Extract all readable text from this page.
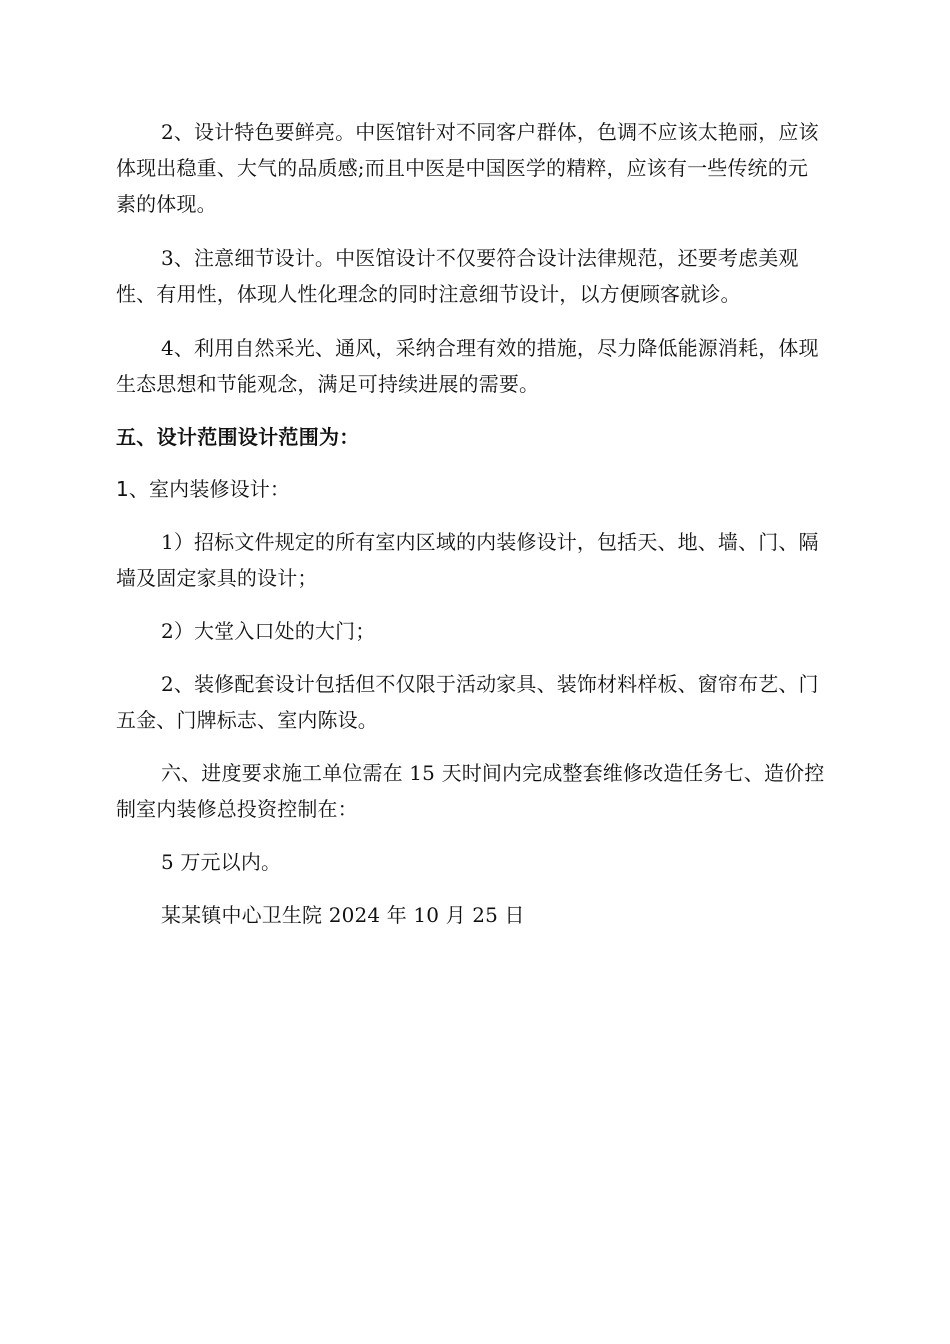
2、设计特色要鲜亮。中医馆针对不同客户群体，色调不应该太艳丽，应该体现出稳重、大气的品质感;而且中医是中国医学的精粹，应该有一些传统的元素的体现。

3、注意细节设计。中医馆设计不仅要符合设计法律规范，还要考虑美观性、有用性，体现人性化理念的同时注意细节设计，以方便顾客就诊。

4、利用自然采光、通风，采纳合理有效的措施，尽力降低能源消耗，体现生态思想和节能观念，满足可持续进展的需要。

五、设计范围设计范围为：

1、室内装修设计：

1）招标文件规定的所有室内区域的内装修设计，包括天、地、墙、门、隔墙及固定家具的设计；

2）大堂入口处的大门；

2、装修配套设计包括但不仅限于活动家具、装饰材料样板、窗帘布艺、门五金、门牌标志、室内陈设。

六、进度要求施工单位需在 15 天时间内完成整套维修改造任务七、造价控制室内装修总投资控制在：

5 万元以内。

某某镇中心卫生院 2024 年 10 月 25 日
